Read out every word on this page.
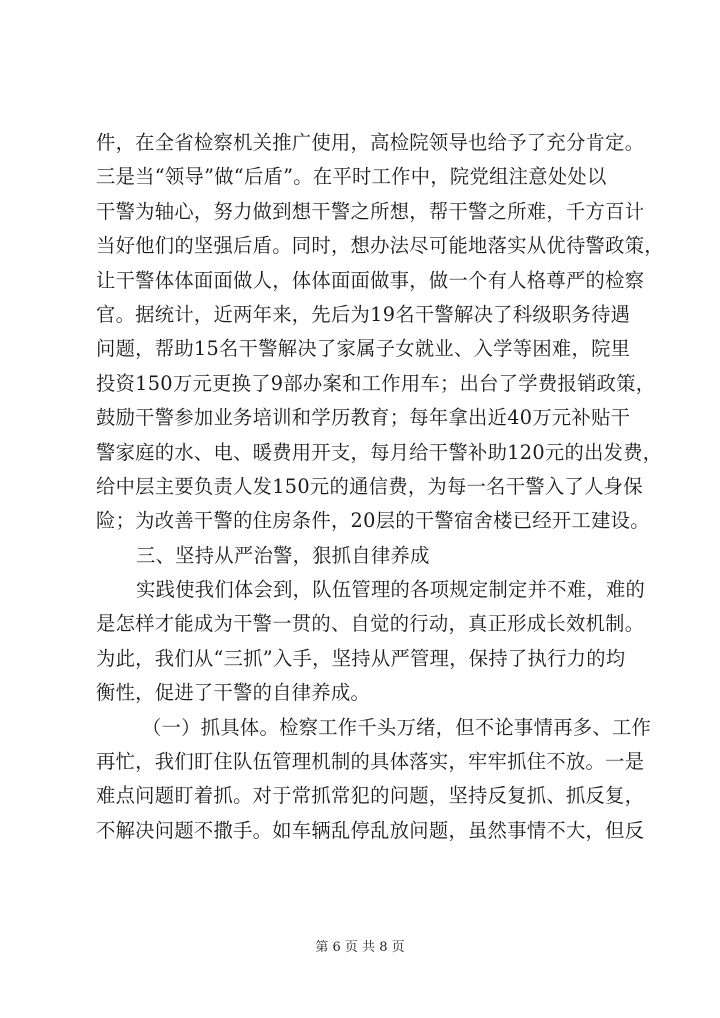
件，在全省检察机关推广使用，高检院领导也给予了充分肯定。
三是当“领导”做“后盾”。在平时工作中，院党组注意处处以
干警为轴心，努力做到想干警之所想，帮干警之所难，千方百计
当好他们的坚强后盾。同时，想办法尽可能地落实从优待警政策，
让干警体体面面做人，体体面面做事，做一个有人格尊严的检察
官。据统计，近两年来，先后为19名干警解决了科级职务待遇
问题，帮助15名干警解决了家属子女就业、入学等困难，院里
投资150万元更换了9部办案和工作用车；出台了学费报销政策，
鼓励干警参加业务培训和学历教育；每年拿出近40万元补贴干
警家庭的水、电、暖费用开支，每月给干警补助120元的出发费，
给中层主要负责人发150元的通信费，为每一名干警入了人身保
险；为改善干警的住房条件，20层的干警宿舍楼已经开工建设。
三、坚持从严治警，狠抓自律养成
实践使我们体会到，队伍管理的各项规定制定并不难，难的
是怎样才能成为干警一贯的、自觉的行动，真正形成长效机制。
为此，我们从“三抓”入手，坚持从严管理，保持了执行力的均
衡性，促进了干警的自律养成。
（一）抓具体。检察工作千头万绪，但不论事情再多、工作
再忙，我们盯住队伍管理机制的具体落实，牢牢抓住不放。一是
难点问题盯着抓。对于常抓常犯的问题，坚持反复抓、抓反复，
不解决问题不撒手。如车辆乱停乱放问题，虽然事情不大，但反
第 6 页 共 8 页
